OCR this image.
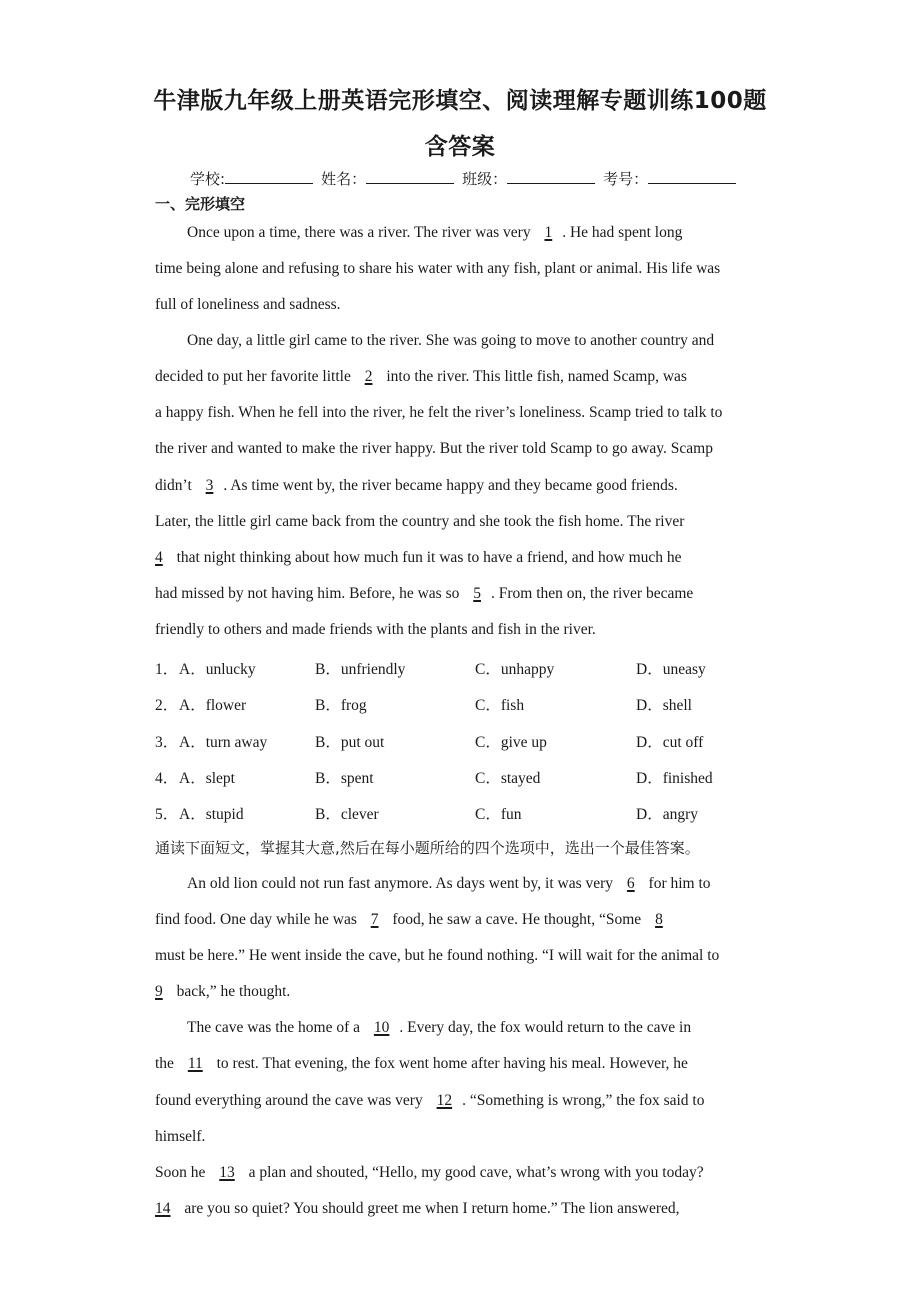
牛津版九年级上册英语完形填空、阅读理解专题训练100题
含答案
学校:	姓名：	班级：	考号：
一、完形填空
Once upon a time, there was a river. The river was very 1 . He had spent long
time being alone and refusing to share his water with any fish, plant or animal. His life was
full of loneliness and sadness.
One day, a little girl came to the river. She was going to move to another country and
decided to put her favorite little 2 into the river. This little fish, named Scamp, was
a happy fish. When he fell into the river, he felt the river’s loneliness. Scamp tried to talk to
the river and wanted to make the river happy. But the river told Scamp to go away. Scamp
didn’t 3 . As time went by, the river became happy and they became good friends.
Later, the little girl came back from the country and she took the fish home. The river
4 that night thinking about how much fun it was to have a friend, and how much he
had missed by not having him. Before, he was so 5 . From then on, the river became
friendly to others and made friends with the plants and fish in the river.
1． A．unlucky	B．unfriendly	C．unhappy	D．uneasy
2． A．flower	B．frog	C．fish	D．shell
3． A．turn away	B．put out	C．give up	D．cut off
4． A．slept	B．spent	C．stayed	D．finished
5． A．stupid	B．clever	C．fun	D．angry
通读下面短文，掌握其大意,然后在每小题所给的四个选项中，选出一个最佳答案。
An old lion could not run fast anymore. As days went by, it was very 6 for him to
find food. One day while he was 7 food, he saw a cave. He thought, “Some 8
must be here.” He went inside the cave, but he found nothing. “I will wait for the animal to
9 back,” he thought.
The cave was the home of a 10 . Every day, the fox would return to the cave in
the 11 to rest. That evening, the fox went home after having his meal. However, he
found everything around the cave was very 12 . “Something is wrong,” the fox said to
himself.
Soon he 13 a plan and shouted, “Hello, my good cave, what’s wrong with you today?
14 are you so quiet? You should greet me when I return home.” The lion answered,
